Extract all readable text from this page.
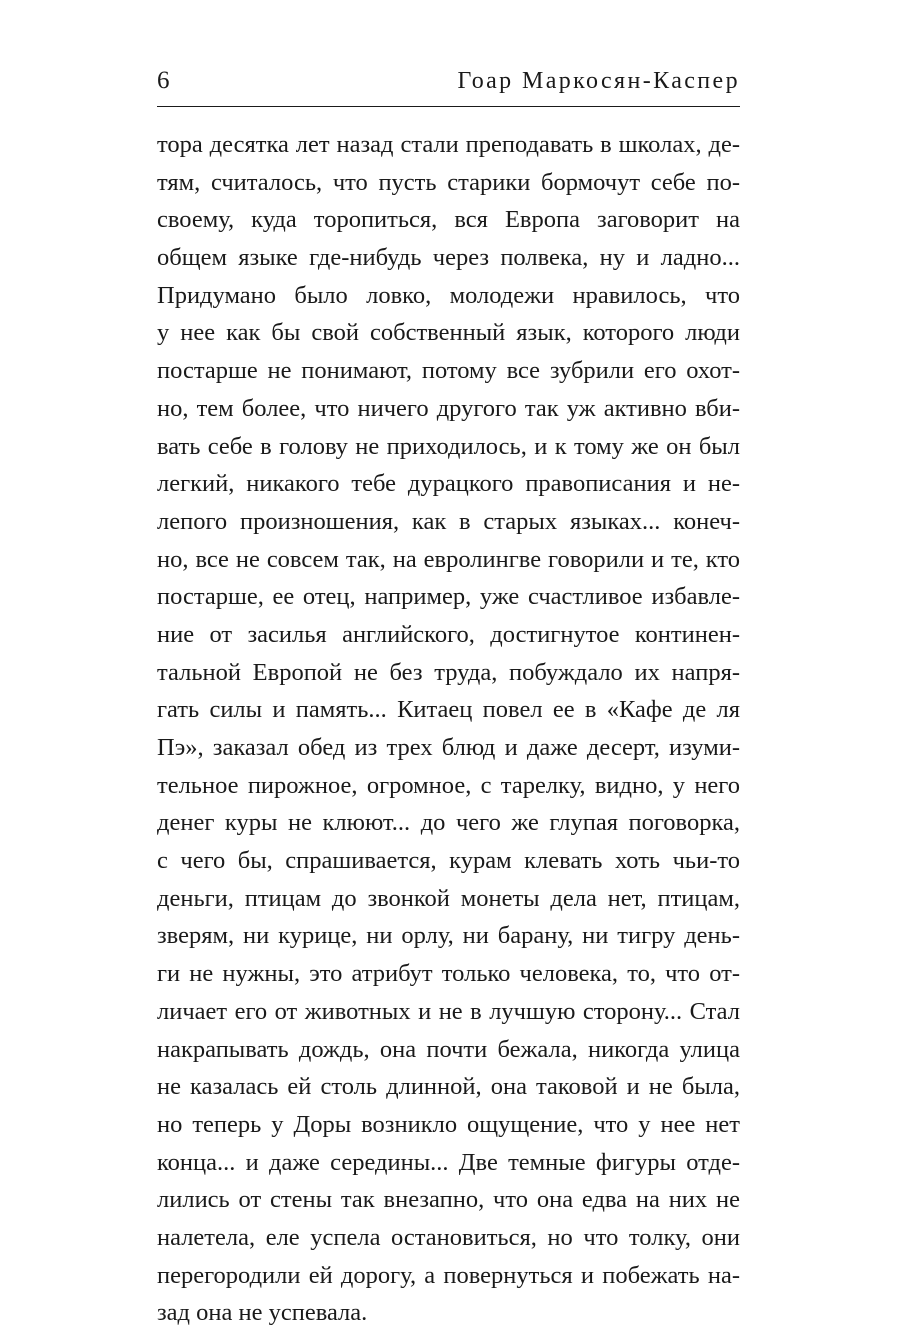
6	Гоар Маркосян-Каспер
тора десятка лет назад стали преподавать в школах, де-
тям, считалось, что пусть старики бормочут себе по-
своему, куда торопиться, вся Европа заговорит на
общем языке где-нибудь через полвека, ну и ладно...
Придумано было ловко, молодежи нравилось, что
у нее как бы свой собственный язык, которого люди
постарше не понимают, потому все зубрили его охот-
но, тем более, что ничего другого так уж активно вби-
вать себе в голову не приходилось, и к тому же он был
легкий, никакого тебе дурацкого правописания и не-
лепого произношения, как в старых языках... конеч-
но, все не совсем так, на евролингве говорили и те, кто
постарше, ее отец, например, уже счастливое избавле-
ние от засилья английского, достигнутое континен-
тальной Европой не без труда, побуждало их напря-
гать силы и память... Китаец повел ее в «Кафе де ля
Пэ», заказал обед из трех блюд и даже десерт, изуми-
тельное пирожное, огромное, с тарелку, видно, у него
денег куры не клюют... до чего же глупая поговорка,
с чего бы, спрашивается, курам клевать хоть чьи-то
деньги, птицам до звонкой монеты дела нет, птицам,
зверям, ни курице, ни орлу, ни барану, ни тигру день-
ги не нужны, это атрибут только человека, то, что от-
личает его от животных и не в лучшую сторону... Стал
накрапывать дождь, она почти бежала, никогда улица
не казалась ей столь длинной, она таковой и не была,
но теперь у Доры возникло ощущение, что у нее нет
конца... и даже середины... Две темные фигуры отде-
лились от стены так внезапно, что она едва на них не
налетела, еле успела остановиться, но что толку, они
перегородили ей дорогу, а повернуться и побежать на-
зад она не успевала.
